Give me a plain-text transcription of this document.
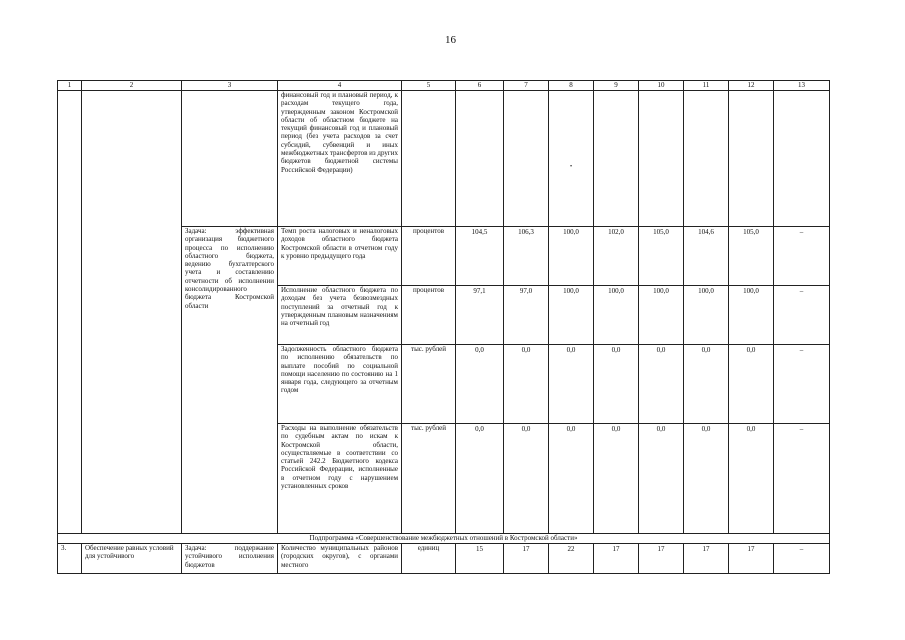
16
1	2	3	4	5	6	7	8	9	10	11	12	13
			финансовый год и плановый период, к расходам текущего года, утвержденным законом Костромской области об областном бюджете на текущий финансовый год и плановый период (без учета расходов за счет субсидий, субвенций и иных межбюджетных трансфертов из других бюджетов бюджетной системы Российской Федерации)				•					
		Задача: эффективная организация бюджетного процесса по исполнению областного бюджета, ведению бухгалтерского учета и составлению отчетности об исполнении консолидированного бюджета Костромской области	Темп роста налоговых и неналоговых доходов областного бюджета Костромской области в отчетном году к уровню предыдущего года	процентов	104,5	106,3	100,0	102,0	105,0	104,6	105,0	–
			Исполнение областного бюджета по доходам без учета безвозмездных поступлений за отчетный год к утвержденным плановым назначениям на отчетный год	процентов	97,1	97,0	100,0	100,0	100,0	100,0	100,0	–
			Задолженность областного бюджета по исполнению обязательств по выплате пособий по социальной помощи населению по состоянию на 1 января года, следующего за отчетным годом	тыс. рублей	0,0	0,0	0,0	0,0	0,0	0,0	0,0	–
			Расходы на выполнение обязательств по судебным актам по искам к Костромской области, осуществляемые в соответствии со статьей 242.2 Бюджетного кодекса Российской Федерации, исполненные в отчетном году с нарушением установленных сроков	тыс. рублей	0,0	0,0	0,0	0,0	0,0	0,0	0,0	–
Подпрограмма «Совершенствование межбюджетных отношений в Костромской области»												
3.	Обеспечение равных условий для устойчивого	Задача: поддержание устойчивого исполнения бюджетов	Количество муниципальных районов (городских округов), с органами местного	единиц	15	17	22	17	17	17	17	–
